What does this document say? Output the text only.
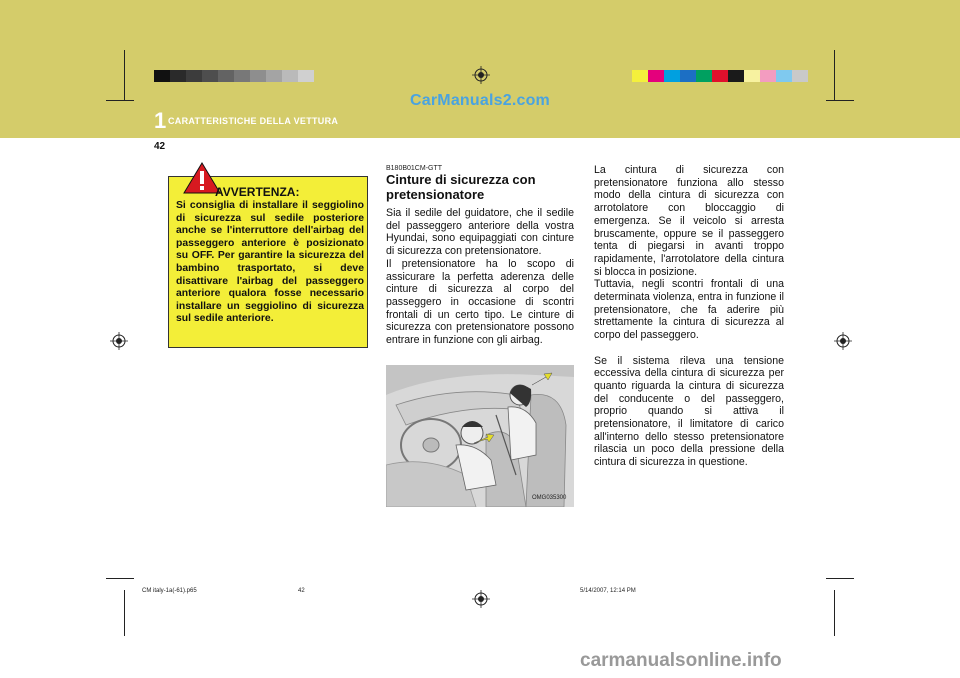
CarManuals2.com
1 CARATTERISTICHE DELLA VETTURA
42
AVVERTENZA:
Si consiglia di installare il seggiolino di sicurezza sul sedile posteriore anche se l'interruttore dell'airbag del passeggero anteriore è posizionato su OFF. Per garantire la sicurezza del bambino trasportato, si deve disattivare l'airbag del passeggero anteriore qualora fosse necessario installare un seggiolino di sicurezza sul sedile anteriore.
B180B01CM-GTT
Cinture di sicurezza con pretensionatore
Sia il sedile del guidatore, che il sedile del passeggero anteriore della vostra Hyundai, sono equipaggiati con cinture di sicurezza con pretensionatore.
Il pretensionatore ha lo scopo di assicurare la perfetta aderenza delle cinture di sicurezza al corpo del passeggero in occasione di scontri frontali di un certo tipo. Le cinture di sicurezza con pretensionatore possono entrare in funzione con gli airbag.
OMG035300
La cintura di sicurezza con pretensionatore funziona allo stesso modo della cintura di sicurezza con arrotolatore con bloccaggio di emergenza. Se il veicolo si arresta bruscamente, oppure se il passeggero tenta di piegarsi in avanti troppo rapidamente, l'arrotolatore della cintura si blocca in posizione.
Tuttavia, negli scontri frontali di una determinata violenza, entra in funzione il pretensionatore, che fa aderire più strettamente la cintura di sicurezza al corpo del passeggero.
Se il sistema rileva una tensione eccessiva della cintura di sicurezza per quanto riguarda la cintura di sicurezza del conducente o del passeggero, proprio quando si attiva il pretensionatore, il limitatore di carico all'interno dello stesso pretensionatore rilascia un poco della pressione della cintura di sicurezza in questione.
CM italy-1a(-61).p65	42	5/14/2007, 12:14 PM
carmanualsonline.info
